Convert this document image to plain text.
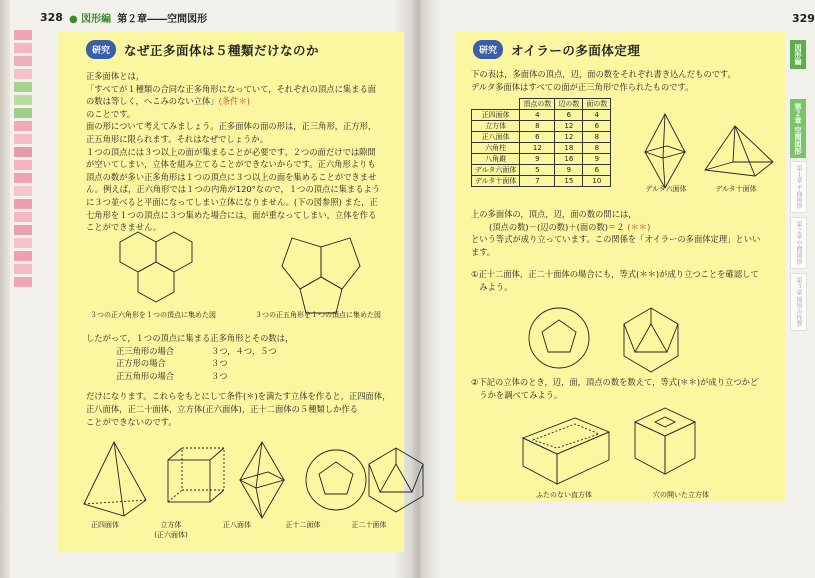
328 ● 図形編 第２章――空間図形
研究	なぜ正多面体は５種類だけなのか

正多面体とは，

「すべてが１種類の合同な正多角形になっていて，それぞれの頂点に集まる面

の数は等しく，へこみのない立体」(条件＊)

のことです。

面の形について考えてみましょう。正多面体の面の形は，正三角形，正方形，
正五角形に限られます。それはなぜでしょうか。

１つの頂点には３つ以上の面が集まることが必要です。２つの面だけでは隙間
が空いてしまい，立体を組み立てることができないからです。正六角形よりも
頂点の数が多い正多角形は１つの頂点に３つ以上の面を集めることができませ
ん。例えば，正六角形では１つの内角が120°なので，１つの頂点に集まるよう
に３つ並べると平面になってしまい立体になりません。(下の図参照) また，正
七角形を１つの頂点に３つ集めた場合には，面が重なってしまい，立体を作る
ことができません。

３つの正六角形を１つの頂点に集めた図	３つの正五角形を１つの頂点に集めた図

したがって，１つの頂点に集まる正多角形とその数は，

正三角形の場合	３つ，４つ，５つ
正方形の場合	３つ
正五角形の場合	３つ

だけになります。これらをもとにして条件(＊)を満たす立体を作ると，正四面体，
正八面体，正二十面体，立方体(正六面体)，正十二面体の５種類しか作る
ことができないのです。

正四面体	立方体
(正六面体)
正八面体	正十二面体	正二十面体
329
研究	オイラーの多面体定理

下の表は，多面体の頂点，辺，面の数をそれぞれ書き込んだものです。
デルタ多面体はすべての面が正三角形で作られたものです。

	頂点の数	辺の数	面の数
正四面体	4	6	4
立方体	8	12	6
正八面体	6	12	8
六角柱	12	18	8
八角錐	9	16	9
デルタ六面体	5	9	6
デルタ十面体	7	15	10
デルタ六面体	デルタ十面体

上の多面体の，頂点，辺，面の数の間には，

(頂点の数)－(辺の数)＋(面の数)＝２ (＊＊)

という等式が成り立っています。この関係を「オイラーの多面体定理」といい
ます。

①正十二面体，正二十面体の場合にも，等式(＊＊)が成り立つことを確認して
　みよう。

②下記の立体のとき，辺，面，頂点の数を数えて，等式(＊＊)が成り立つかど
　うかを調べてみよう。

ふたのない直方体	穴の開いた立方体
図形編
第２章 空間図形
第１章 平面図形
第２章 空間図形
第３章 図形の性質
